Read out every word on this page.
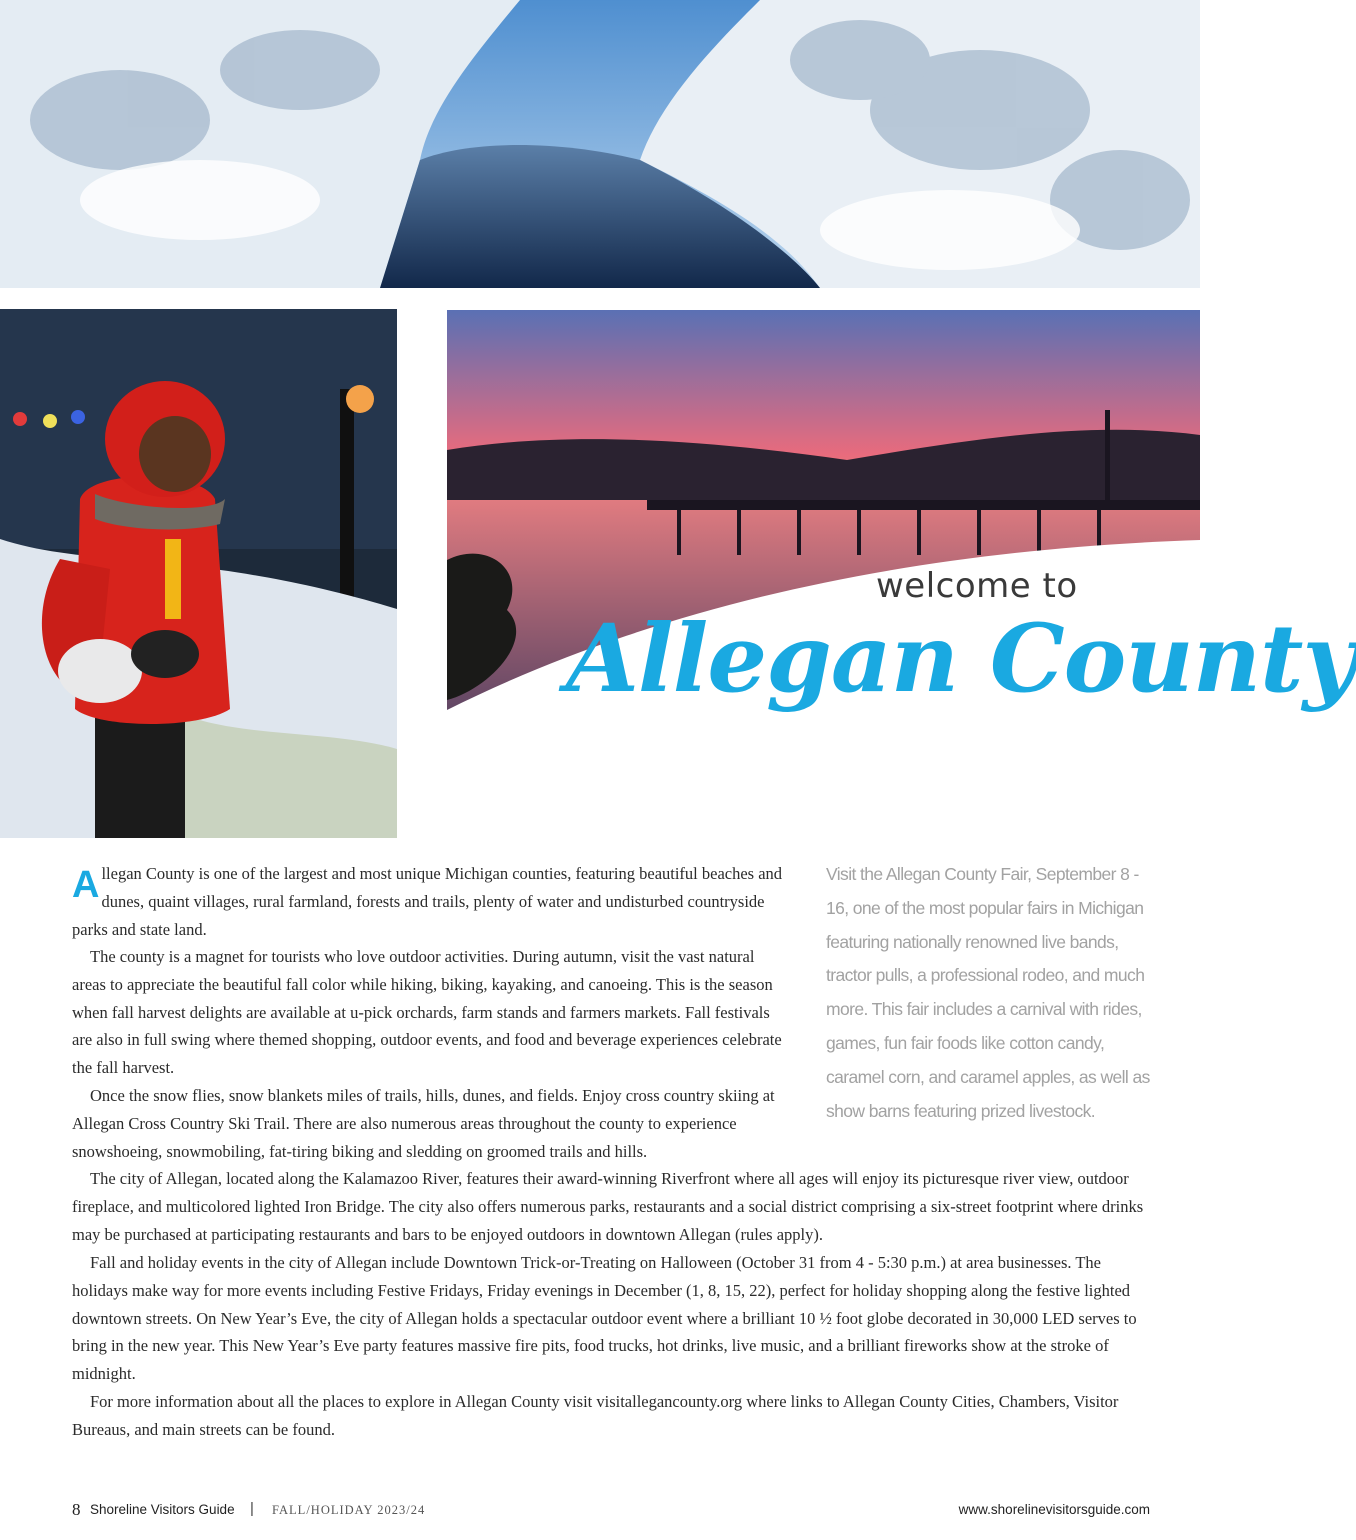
welcome to
Allegan County

Allegan County is one of the largest and most unique Michigan counties, featuring beautiful beaches and dunes, quaint villages, rural farmland, forests and trails, plenty of water and undisturbed countryside parks and state land.

The county is a magnet for tourists who love outdoor activities. During autumn, visit the vast natural areas to appreciate the beautiful fall color while hiking, biking, kayaking, and canoeing. This is the season when fall harvest delights are available at u-pick orchards, farm stands and farmers markets. Fall festivals are also in full swing where themed shopping, outdoor events, and food and beverage experiences celebrate the fall harvest.

Once the snow flies, snow blankets miles of trails, hills, dunes, and fields. Enjoy cross country skiing at Allegan Cross Country Ski Trail. There are also numerous areas throughout the county to experience snowshoeing, snowmobiling, fat-tiring biking and sledding on groomed trails and hills.

The city of Allegan, located along the Kalamazoo River, features their award-winning Riverfront where all ages will enjoy its picturesque river view, outdoor fireplace, and multicolored lighted Iron Bridge. The city also offers numerous parks, restaurants and a social district comprising a six-street footprint where drinks may be purchased at participating restaurants and bars to be enjoyed outdoors in downtown Allegan (rules apply).

Fall and holiday events in the city of Allegan include Downtown Trick-or-Treating on Halloween (October 31 from 4 - 5:30 p.m.) at area businesses. The holidays make way for more events including Festive Fridays, Friday evenings in December (1, 8, 15, 22), perfect for holiday shopping along the festive lighted downtown streets. On New Year’s Eve, the city of Allegan holds a spectacular outdoor event where a brilliant 10 ½ foot globe decorated in 30,000 LED serves to bring in the new year. This New Year’s Eve party features massive fire pits, food trucks, hot drinks, live music, and a brilliant fireworks show at the stroke of midnight.

For more information about all the places to explore in Allegan County visit visitallegancounty.org where links to Allegan County Cities, Chambers, Visitor Bureaus, and main streets can be found.

Visit the Allegan County Fair, September 8 - 16, one of the most popular fairs in Michigan featuring nationally renowned live bands, tractor pulls, a professional rodeo, and much more. This fair includes a carnival with rides, games, fun fair foods like cotton candy, caramel corn, and caramel apples, as well as show barns featuring prized livestock.

8 Shoreline Visitors Guide | FALL/HOLIDAY 2023/24	www.shorelinevisitorsguide.com
